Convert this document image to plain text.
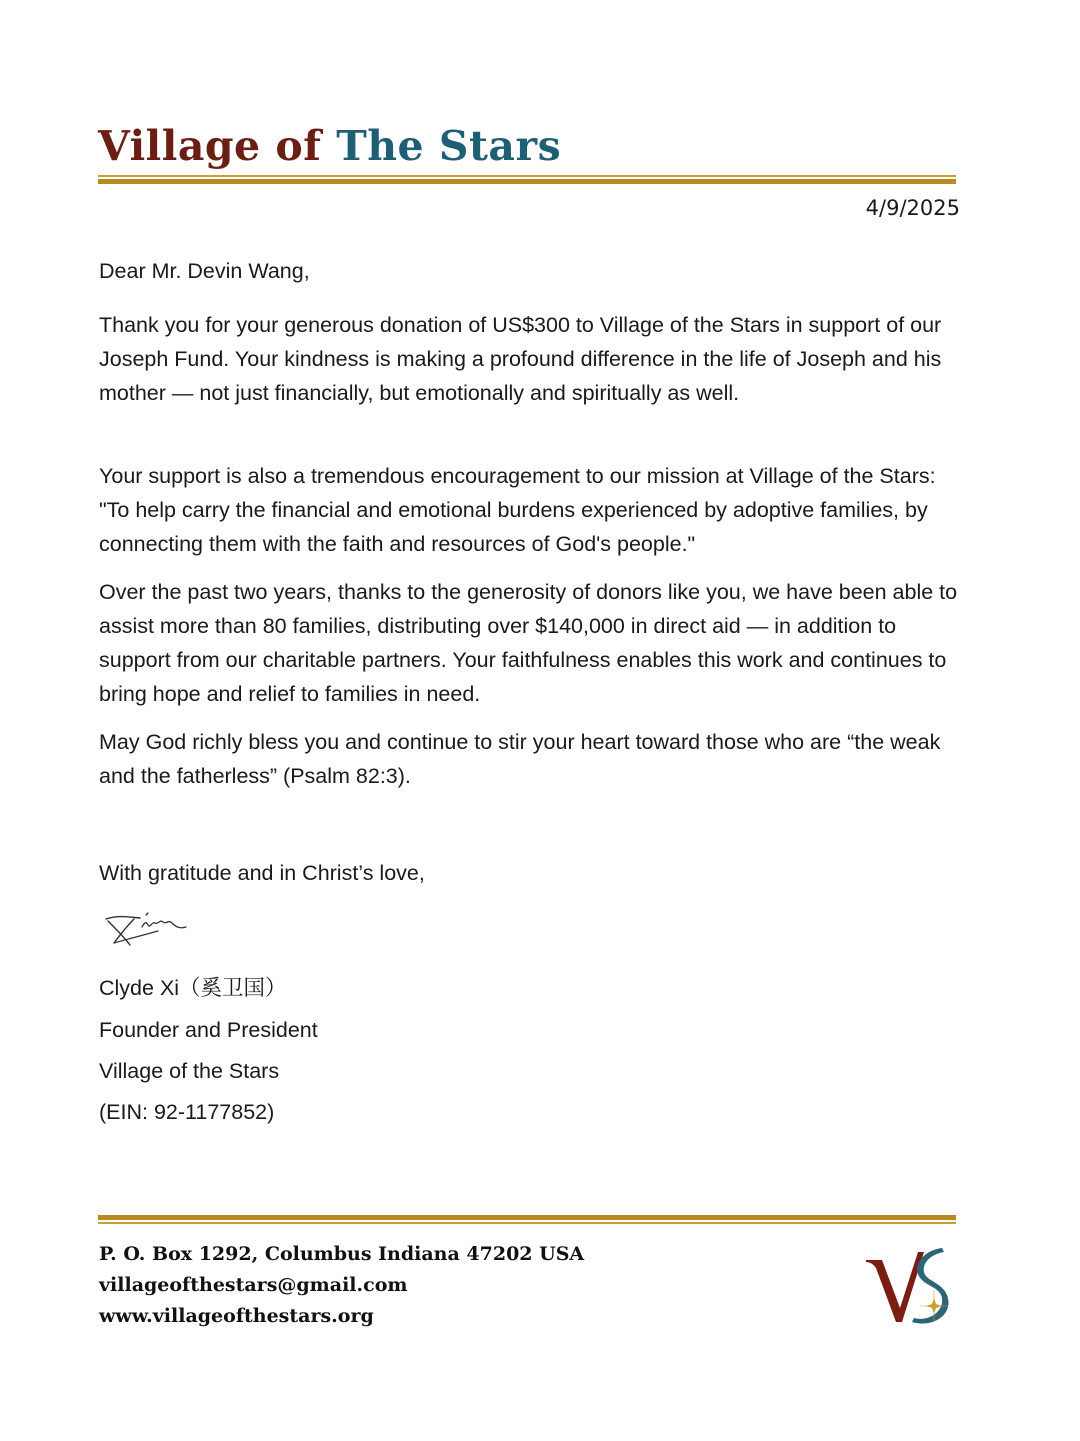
Village of The Stars
4/9/2025
Dear Mr. Devin Wang,

Thank you for your generous donation of US$300 to Village of the Stars in support of our Joseph Fund. Your kindness is making a profound difference in the life of Joseph and his mother — not just financially, but emotionally and spiritually as well.

Your support is also a tremendous encouragement to our mission at Village of the Stars: "To help carry the financial and emotional burdens experienced by adoptive families, by connecting them with the faith and resources of God's people."

Over the past two years, thanks to the generosity of donors like you, we have been able to assist more than 80 families, distributing over $140,000 in direct aid — in addition to support from our charitable partners. Your faithfulness enables this work and continues to bring hope and relief to families in need.

May God richly bless you and continue to stir your heart toward those who are “the weak and the fatherless” (Psalm 82:3).

With gratitude and in Christ’s love,
Clyde Xi（奚卫国）
Founder and President
Village of the Stars
(EIN: 92-1177852)
P. O. Box 1292, Columbus Indiana 47202 USA
villageofthestars@gmail.com
www.villageofthestars.org
